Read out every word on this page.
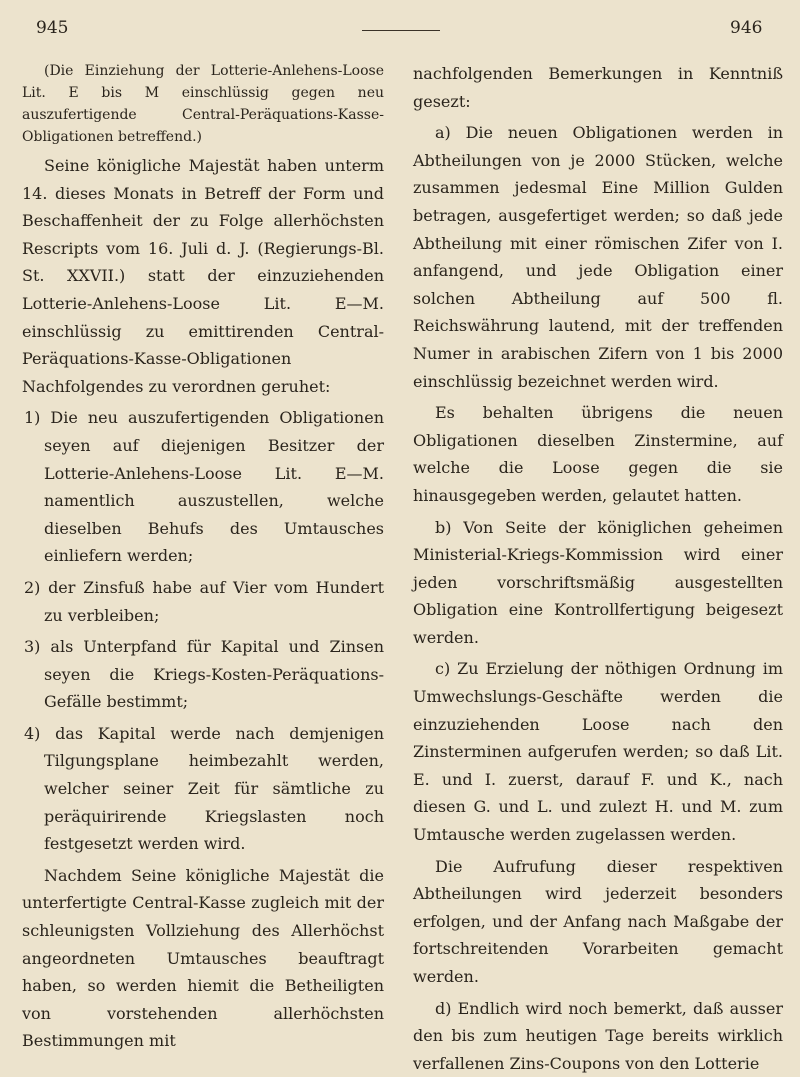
945	946

(Die Einziehung der Lotterie-Anlehens-Loose Lit. E bis M einschlüssig gegen neu auszufertigende Central-Peräquations-Kasse-Obligationen betreffend.)

Seine königliche Majestät haben unterm 14. dieses Monats in Betreff der Form und Beschaffenheit der zu Folge allerhöchsten Rescripts vom 16. Juli d. J. (Regierungs-Bl. St. XXVII.) statt der einzuziehenden Lotterie-Anlehens-Loose Lit. E—M. einschlüssig zu emittirenden Central-Peräquations-Kasse-Obligationen Nachfolgendes zu verordnen geruhet:

1) Die neu auszufertigenden Obligationen seyen auf diejenigen Besitzer der Lotterie-Anlehens-Loose Lit. E—M. namentlich auszustellen, welche dieselben Behufs des Umtausches einliefern werden;

2) der Zinsfuß habe auf Vier vom Hundert zu verbleiben;

3) als Unterpfand für Kapital und Zinsen seyen die Kriegs-Kosten-Peräquations-Gefälle bestimmt;

4) das Kapital werde nach demjenigen Tilgungsplane heimbezahlt werden, welcher seiner Zeit für sämtliche zu peräquirirende Kriegslasten noch festgesetzt werden wird.

Nachdem Seine königliche Majestät die unterfertigte Central-Kasse zugleich mit der schleunigsten Vollziehung des Allerhöchst angeordneten Umtausches beauftragt haben, so werden hiemit die Betheiligten von vorstehenden allerhöchsten Bestimmungen mit

nachfolgenden Bemerkungen in Kenntniß gesezt:

a) Die neuen Obligationen werden in Abtheilungen von je 2000 Stücken, welche zusammen jedesmal Eine Million Gulden betragen, ausgefertiget werden; so daß jede Abtheilung mit einer römischen Zifer von I. anfangend, und jede Obligation einer solchen Abtheilung auf 500 fl. Reichswährung lautend, mit der treffenden Numer in arabischen Zifern von 1 bis 2000 einschlüssig bezeichnet werden wird.

Es behalten übrigens die neuen Obligationen dieselben Zinstermine, auf welche die Loose gegen die sie hinausgegeben werden, gelautet hatten.

b) Von Seite der königlichen geheimen Ministerial-Kriegs-Kommission wird einer jeden vorschriftsmäßig ausgestellten Obligation eine Kontrollfertigung beigesezt werden.

c) Zu Erzielung der nöthigen Ordnung im Umwechslungs-Geschäfte werden die einzuziehenden Loose nach den Zinsterminen aufgerufen werden; so daß Lit. E. und I. zuerst, darauf F. und K., nach diesen G. und L. und zulezt H. und M. zum Umtausche werden zugelassen werden.

Die Aufrufung dieser respektiven Abtheilungen wird jederzeit besonders erfolgen, und der Anfang nach Maßgabe der fortschreitenden Vorarbeiten gemacht werden.

d) Endlich wird noch bemerkt, daß ausser den bis zum heutigen Tage bereits wirklich verfallenen Zins-Coupons von den Lotterie
